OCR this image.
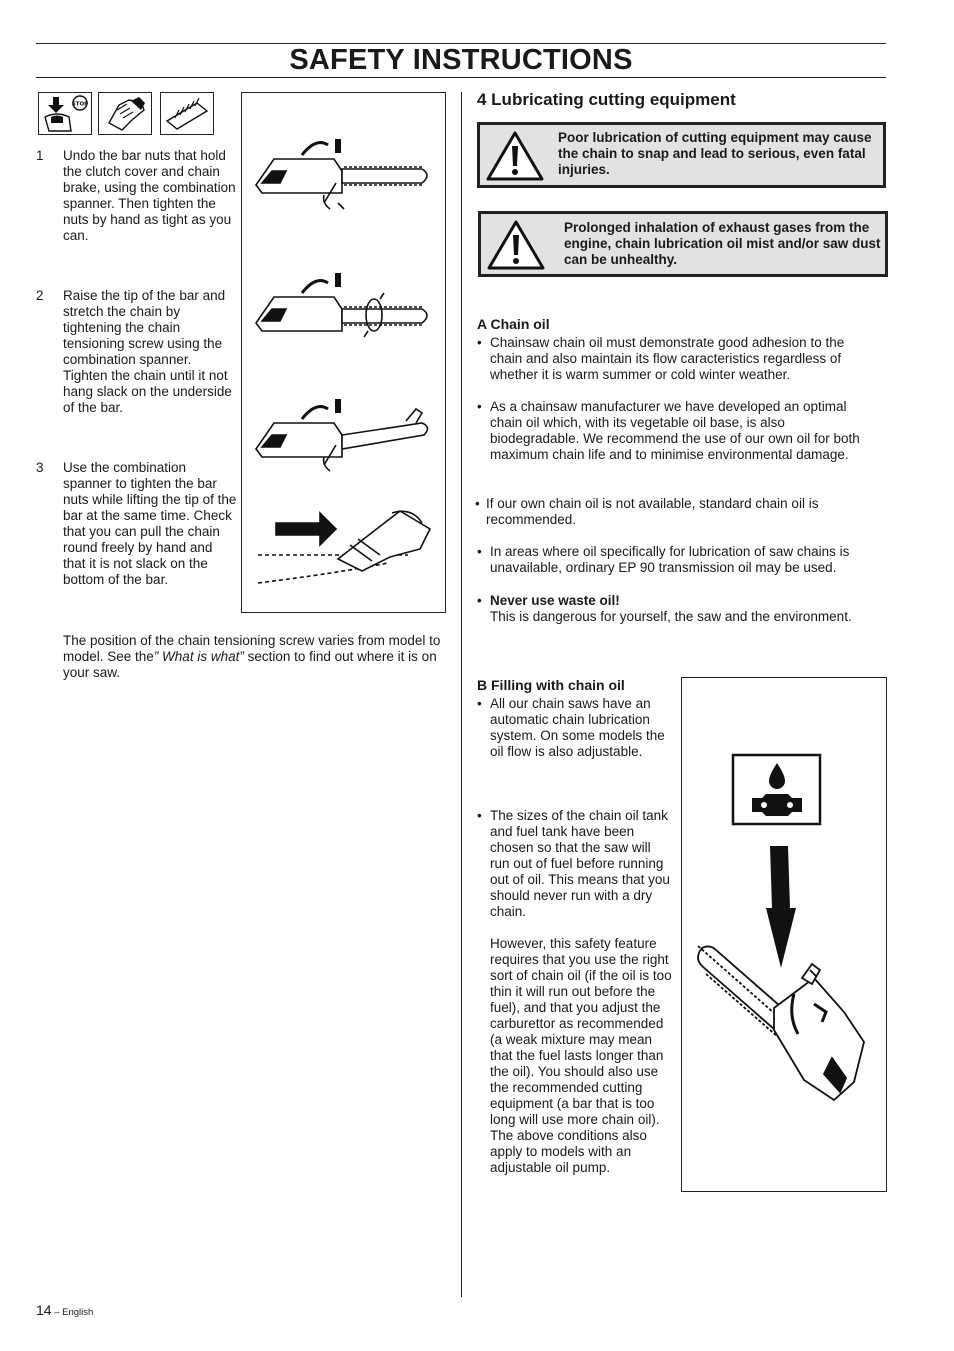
SAFETY INSTRUCTIONS
STOP
1 Undo the bar nuts that hold the clutch cover and chain brake, using the combination spanner. Then tighten the nuts by hand as tight as you can.
2 Raise the tip of the bar and stretch the chain by tightening the chain tensioning screw using the combination spanner. Tighten the chain until it not hang slack on the underside of the bar.
3 Use the combination spanner to tighten the bar nuts while lifting the tip of the bar at the same time. Check that you can pull the chain round freely by hand and that it is not slack on the bottom of the bar.
The position of the chain tensioning screw varies from model to model. See the” What is what” section to find out where it is on your saw.
4 Lubricating cutting equipment
Poor lubrication of cutting equipment may cause the chain to snap and lead to serious, even fatal injuries.
Prolonged inhalation of exhaust gases from the engine, chain lubrication oil mist and/or saw dust can be unhealthy.
A Chain oil
• Chainsaw chain oil must demonstrate good adhesion to the chain and also maintain its flow caracteristics regardless of whether it is warm summer or cold winter weather.
• As a chainsaw manufacturer we have developed an optimal chain oil which, with its vegetable oil base, is also biodegradable. We recommend the use of our own oil for both maximum chain life and to minimise environmental damage.
• If our own chain oil is not available, standard chain oil is recommended.
• In areas where oil specifically for lubrication of saw chains is unavailable, ordinary EP 90 transmission oil may be used.
• Never use waste oil!
This is dangerous for yourself, the saw and the environment.
B Filling with chain oil
• All our chain saws have an automatic chain lubrication system. On some models the oil flow is also adjustable.
• The sizes of the chain oil tank and fuel tank have been chosen so that the saw will run out of fuel before running out of oil. This means that you should never run with a dry chain.
However, this safety feature requires that you use the right sort of chain oil (if the oil is too thin it will run out before the fuel), and that you adjust the carburettor as recommended (a weak mixture may mean that the fuel lasts longer than the oil). You should also use the recommended cutting equipment (a bar that is too long will use more chain oil). The above conditions also apply to models with an adjustable oil pump.
14 – English
